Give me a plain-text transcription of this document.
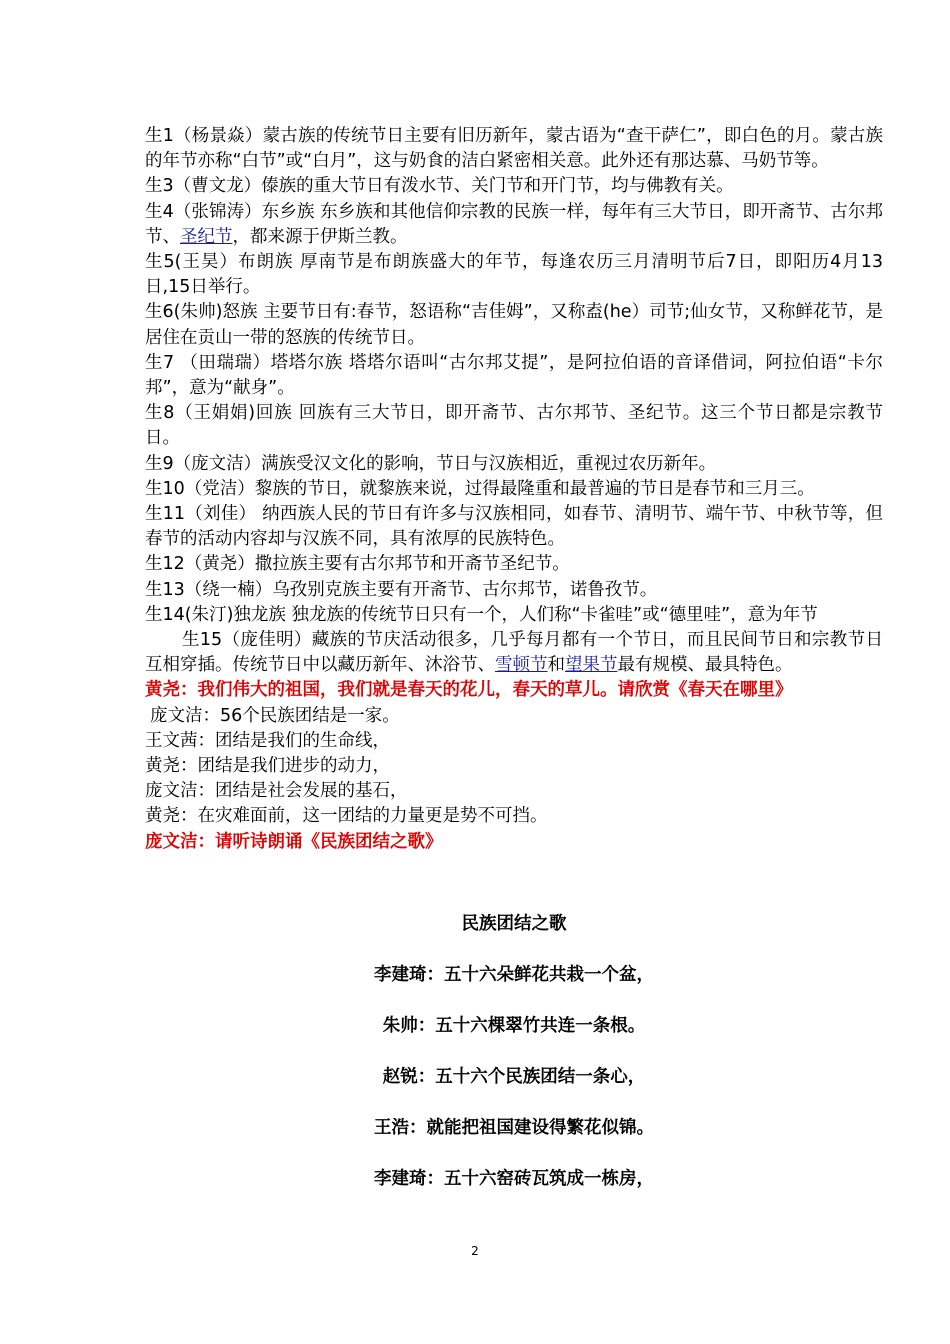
生1（杨景焱）蒙古族的传统节日主要有旧历新年，蒙古语为“查干萨仁”，即白色的月。蒙古族的年节亦称“白节”或“白月”，这与奶食的洁白紧密相关意。此外还有那达慕、马奶节等。

生3（曹文龙）傣族的重大节日有泼水节、关门节和开门节，均与佛教有关。

生4（张锦涛）东乡族 东乡族和其他信仰宗教的民族一样，每年有三大节日，即开斋节、古尔邦节、圣纪节，都来源于伊斯兰教。

生5(王昊）布朗族 厚南节是布朗族盛大的年节，每逢农历三月清明节后7日，即阳历4月13日,15日举行。

生6(朱帅)怒族 主要节日有:春节，怒语称“吉佳姆”，又称盍(he）司节;仙女节，又称鲜花节，是居住在贡山一带的怒族的传统节日。

生7 （田瑞瑞）塔塔尔族 塔塔尔语叫“古尔邦艾提”，是阿拉伯语的音译借词，阿拉伯语“卡尔邦”，意为“献身”。

生8（王娟娟)回族 回族有三大节日，即开斋节、古尔邦节、圣纪节。这三个节日都是宗教节日。

生9（庞文洁）满族受汉文化的影响，节日与汉族相近，重视过农历新年。

生10（党洁）黎族的节日，就黎族来说，过得最隆重和最普遍的节日是春节和三月三。

生11（刘佳） 纳西族人民的节日有许多与汉族相同，如春节、清明节、端午节、中秋节等，但春节的活动内容却与汉族不同，具有浓厚的民族特色。

生12（黄尧）撒拉族主要有古尔邦节和开斋节圣纪节。

生13（绕一楠）乌孜别克族主要有开斋节、古尔邦节，诺鲁孜节。

生14(朱汀)独龙族 独龙族的传统节日只有一个，人们称“卡雀哇”或“德里哇”，意为年节

生15（庞佳明）藏族的节庆活动很多，几乎每月都有一个节日，而且民间节日和宗教节日互相穿插。传统节日中以藏历新年、沐浴节、雪顿节和望果节最有规模、最具特色。

黄尧：我们伟大的祖国，我们就是春天的花儿，春天的草儿。请欣赏《春天在哪里》

庞文洁：56个民族团结是一家。

王文茜：团结是我们的生命线，

黄尧：团结是我们进步的动力，

庞文洁：团结是社会发展的基石，

黄尧：在灾难面前，这一团结的力量更是势不可挡。

庞文洁：请听诗朗诵《民族团结之歌》

民族团结之歌

李建琦：五十六朵鲜花共栽一个盆，

朱帅：五十六棵翠竹共连一条根。

赵锐：五十六个民族团结一条心，

王浩：就能把祖国建设得繁花似锦。

李建琦：五十六窑砖瓦筑成一栋房，

2
